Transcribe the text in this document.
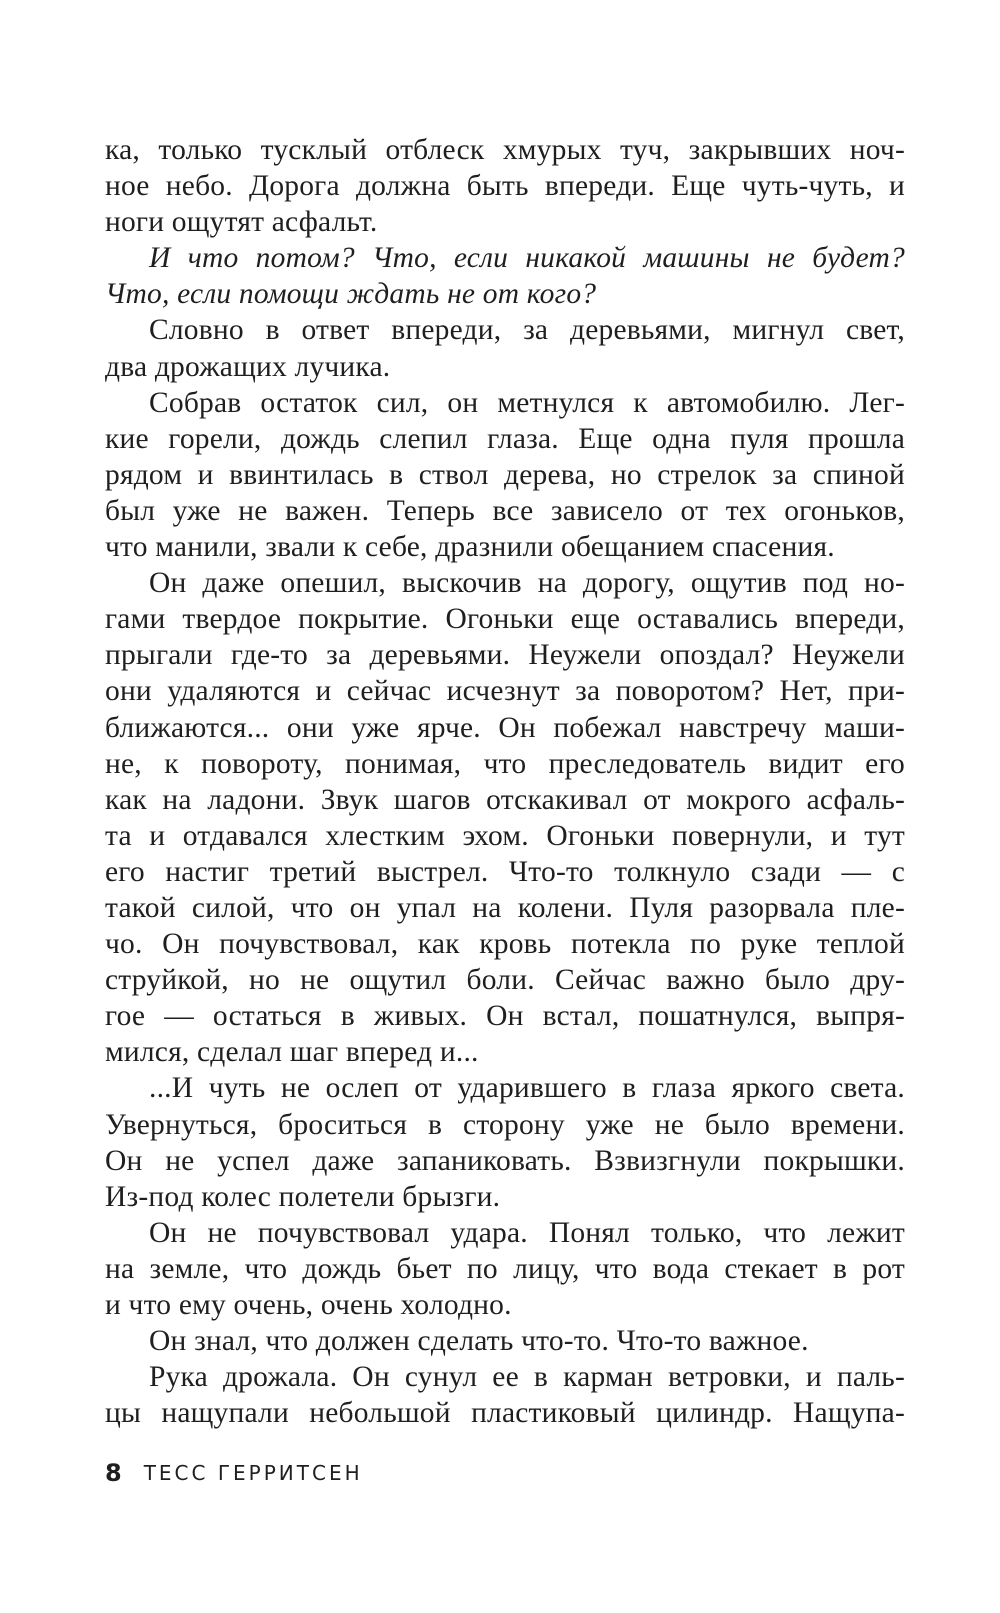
ка, только тусклый отблеск хмурых туч, закрывших ноч-
ное небо. Дорога должна быть впереди. Еще чуть-чуть, и
ноги ощутят асфальт.
И что потом? Что, если никакой машины не будет?
Что, если помощи ждать не от кого?
Словно в ответ впереди, за деревьями, мигнул свет,
два дрожащих лучика.
Собрав остаток сил, он метнулся к автомобилю. Лег-
кие горели, дождь слепил глаза. Еще одна пуля прошла
рядом и ввинтилась в ствол дерева, но стрелок за спиной
был уже не важен. Теперь все зависело от тех огоньков,
что манили, звали к себе, дразнили обещанием спасения.
Он даже опешил, выскочив на дорогу, ощутив под но-
гами твердое покрытие. Огоньки еще оставались впереди,
прыгали где-то за деревьями. Неужели опоздал? Неужели
они удаляются и сейчас исчезнут за поворотом? Нет, при-
ближаются... они уже ярче. Он побежал навстречу маши-
не, к повороту, понимая, что преследователь видит его
как на ладони. Звук шагов отскакивал от мокрого асфаль-
та и отдавался хлестким эхом. Огоньки повернули, и тут
его настиг третий выстрел. Что-то толкнуло сзади — с
такой силой, что он упал на колени. Пуля разорвала пле-
чо. Он почувствовал, как кровь потекла по руке теплой
струйкой, но не ощутил боли. Сейчас важно было дру-
гое — остаться в живых. Он встал, пошатнулся, выпря-
мился, сделал шаг вперед и...
...И чуть не ослеп от ударившего в глаза яркого света.
Увернуться, броситься в сторону уже не было времени.
Он не успел даже запаниковать. Взвизгнули покрышки.
Из-под колес полетели брызги.
Он не почувствовал удара. Понял только, что лежит
на земле, что дождь бьет по лицу, что вода стекает в рот
и что ему очень, очень холодно.
Он знал, что должен сделать что-то. Что-то важное.
Рука дрожала. Он сунул ее в карман ветровки, и паль-
цы нащупали небольшой пластиковый цилиндр. Нащупа-
8 ТЕСС ГЕРРИТСЕН
